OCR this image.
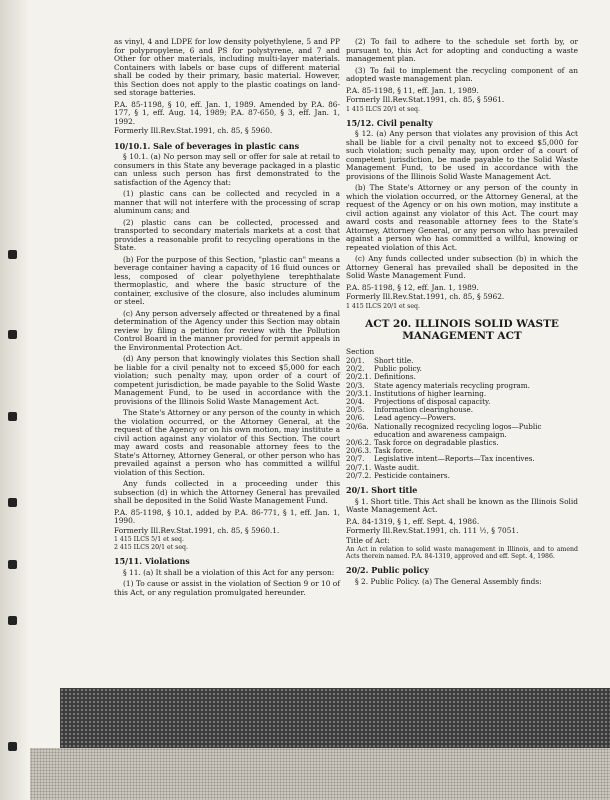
as vinyl, 4 and LDPE for low density polyethylene, 5 and PP for polypropylene, 6 and PS for polystyrene, and 7 and Other for other materials, including multi-layer materials. Containers with labels or base cups of different material shall be coded by their primary, basic material. However, this Section does not apply to the plastic coatings on land-sed storage batteries.

P.A. 85-1198, § 10, eff. Jan. 1, 1989. Amended by P.A. 86-177, § 1, eff. Aug. 14, 1989; P.A. 87-650, § 3, eff. Jan. 1, 1992.

Formerly Ill.Rev.Stat.1991, ch. 85, § 5960.

10/10.1. Sale of beverages in plastic cans

§ 10.1. (a) No person may sell or offer for sale at retail to consumers in this State any beverage packaged in a plastic can unless such person has first demonstrated to the satisfaction of the Agency that:

(1) plastic cans can be collected and recycled in a manner that will not interfere with the processing of scrap aluminum cans; and

(2) plastic cans can be collected, processed and transported to secondary materials markets at a cost that provides a reasonable profit to recycling operations in the State.

(b) For the purpose of this Section, "plastic can" means a beverage container having a capacity of 16 fluid ounces or less, composed of clear polyethylene terephthalate thermoplastic, and where the basic structure of the container, exclusive of the closure, also includes aluminum or steel.

(c) Any person adversely affected or threatened by a final determination of the Agency under this Section may obtain review by filing a petition for review with the Pollution Control Board in the manner provided for permit appeals in the Environmental Protection Act.

(d) Any person that knowingly violates this Section shall be liable for a civil penalty not to exceed $5,000 for each violation; such penalty may, upon order of a court of competent jurisdiction, be made payable to the Solid Waste Management Fund, to be used in accordance with the provisions of the Illinois Solid Waste Management Act.

The State's Attorney or any person of the county in which the violation occurred, or the Attorney General, at the request of the Agency or on his own motion, may institute a civil action against any violator of this Section. The court may award costs and reasonable attorney fees to the State's Attorney, Attorney General, or other person who has prevailed against a person who has committed a willful violation of this Section.

Any funds collected in a proceeding under this subsection (d) in which the Attorney General has prevailed shall be deposited in the Solid Waste Management Fund.

P.A. 85-1198, § 10.1, added by P.A. 86-771, § 1, eff. Jan. 1, 1990.

Formerly Ill.Rev.Stat.1991, ch. 85, § 5960.1.

1 415 ILCS 5/1 et seq.

2 415 ILCS 20/1 et seq.

15/11. Violations

§ 11. (a) It shall be a violation of this Act for any person:

(1) To cause or assist in the violation of Section 9 or 10 of this Act, or any regulation promulgated hereunder.

(2) To fail to adhere to the schedule set forth by, or pursuant to, this Act for adopting and conducting a waste management plan.

(3) To fail to implement the recycling component of an adopted waste management plan.

P.A. 85-1198, § 11, eff. Jan. 1, 1989.

Formerly Ill.Rev.Stat.1991, ch. 85, § 5961.

1 415 ILCS 20/1 et seq.

15/12. Civil penalty

§ 12. (a) Any person that violates any provision of this Act shall be liable for a civil penalty not to exceed $5,000 for such violation; such penalty may, upon order of a court of competent jurisdiction, be made payable to the Solid Waste Management Fund, to be used in accordance with the provisions of the Illinois Solid Waste Management Act.

(b) The State's Attorney or any person of the county in which the violation occurred, or the Attorney General, at the request of the Agency or on his own motion, may institute a civil action against any violator of this Act. The court may award costs and reasonable attorney fees to the State's Attorney, Attorney General, or any person who has prevailed against a person who has committed a willful, knowing or repeated violation of this Act.

(c) Any funds collected under subsection (b) in which the Attorney General has prevailed shall be deposited in the Solid Waste Management Fund.

P.A. 85-1198, § 12, eff. Jan. 1, 1989.

Formerly Ill.Rev.Stat.1991, ch. 85, § 5962.

1 415 ILCS 20/1 et seq.

ACT 20. ILLINOIS SOLID WASTE MANAGEMENT ACT

Section

20/1.	Short title.
20/2.	Public policy.
20/2.1. Definitions.
20/3.	State agency materials recycling program.
20/3.1. Institutions of higher learning.
20/4.	Projections of disposal capacity.
20/5.	Information clearinghouse.
20/6.	Lead agency—Powers.
20/6a. Nationally recognized recycling logos—Public education and awareness campaign.
20/6.2. Task force on degradable plastics.
20/6.3. Task force.
20/7.	Legislative intent—Reports—Tax incentives.
20/7.1. Waste audit.
20/7.2. Pesticide containers.

20/1. Short title

§ 1. Short title. This Act shall be known as the Illinois Solid Waste Management Act.

P.A. 84-1319, § 1, eff. Sept. 4, 1986.

Formerly Ill.Rev.Stat.1991, ch. 111 ½, § 7051.

Title of Act:

An Act in relation to solid waste management in Illinois, and to amend Acts therein named. P.A. 84-1319, approved and eff. Sept. 4, 1986.

20/2. Public policy

§ 2. Public Policy. (a) The General Assembly finds:
